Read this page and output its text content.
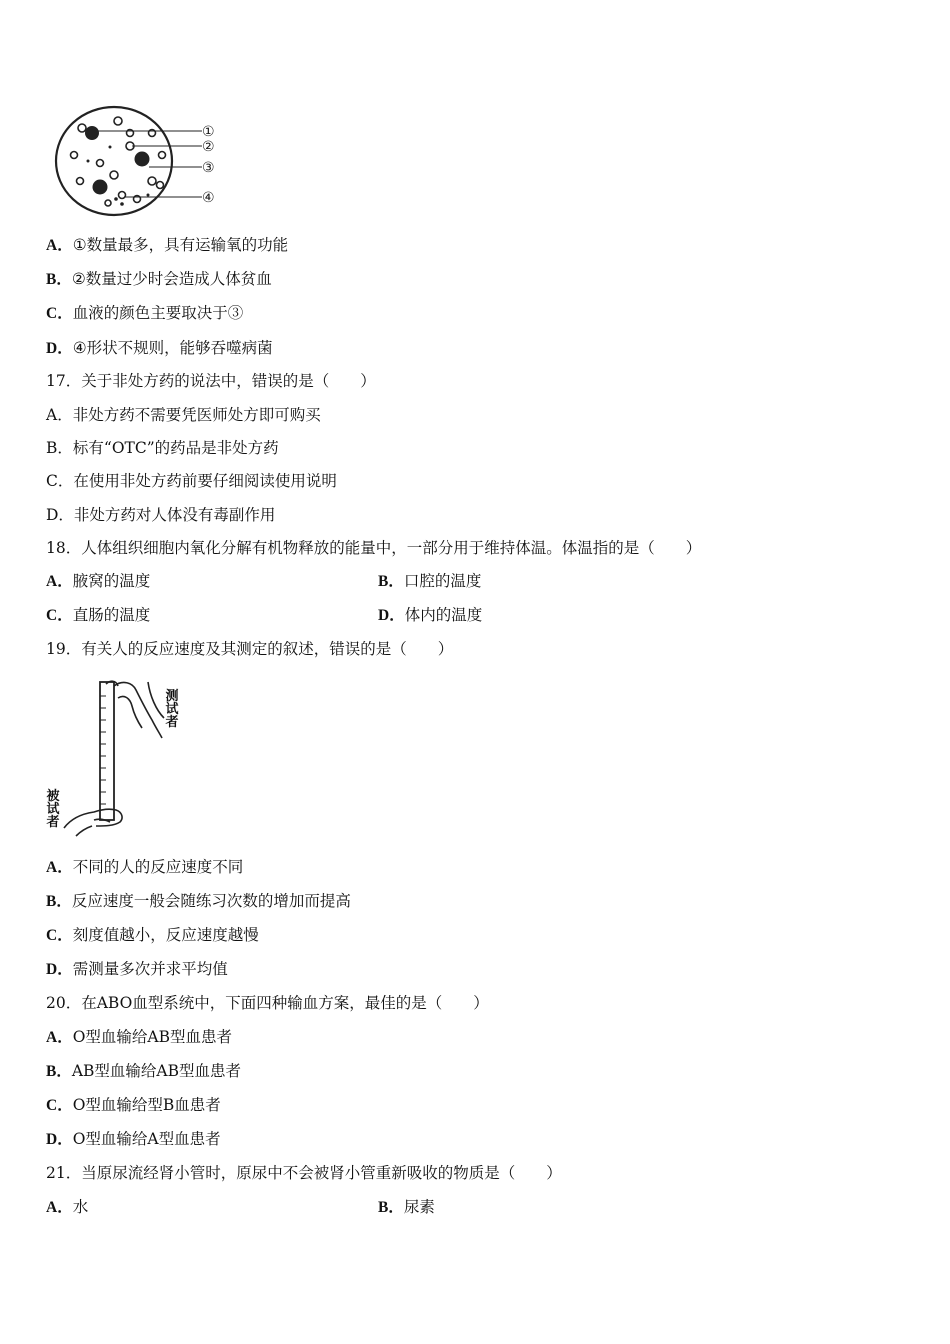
①
②
③
④
A．①数量最多，具有运输氧的功能
B．②数量过少时会造成人体贫血
C．血液的颜色主要取决于③
D．④形状不规则，能够吞噬病菌
17．关于非处方药的说法中，错误的是（　　）
A．非处方药不需要凭医师处方即可购买
B．标有“OTC”的药品是非处方药
C．在使用非处方药前要仔细阅读使用说明
D．非处方药对人体没有毒副作用
18．人体组织细胞内氧化分解有机物释放的能量中，一部分用于维持体温。体温指的是（　　）
A．腋窝的温度	B．口腔的温度
C．直肠的温度	D．体内的温度
19．有关人的反应速度及其测定的叙述，错误的是（　　）
测试者
被试者
A．不同的人的反应速度不同
B．反应速度一般会随练习次数的增加而提高
C．刻度值越小，反应速度越慢
D．需测量多次并求平均值
20．在ABO血型系统中，下面四种输血方案，最佳的是（　　）
A．O型血输给AB型血患者
B．AB型血输给AB型血患者
C．O型血输给型B血患者
D．O型血输给A型血患者
21．当原尿流经肾小管时，原尿中不会被肾小管重新吸收的物质是（　　）
A．水	B．尿素
